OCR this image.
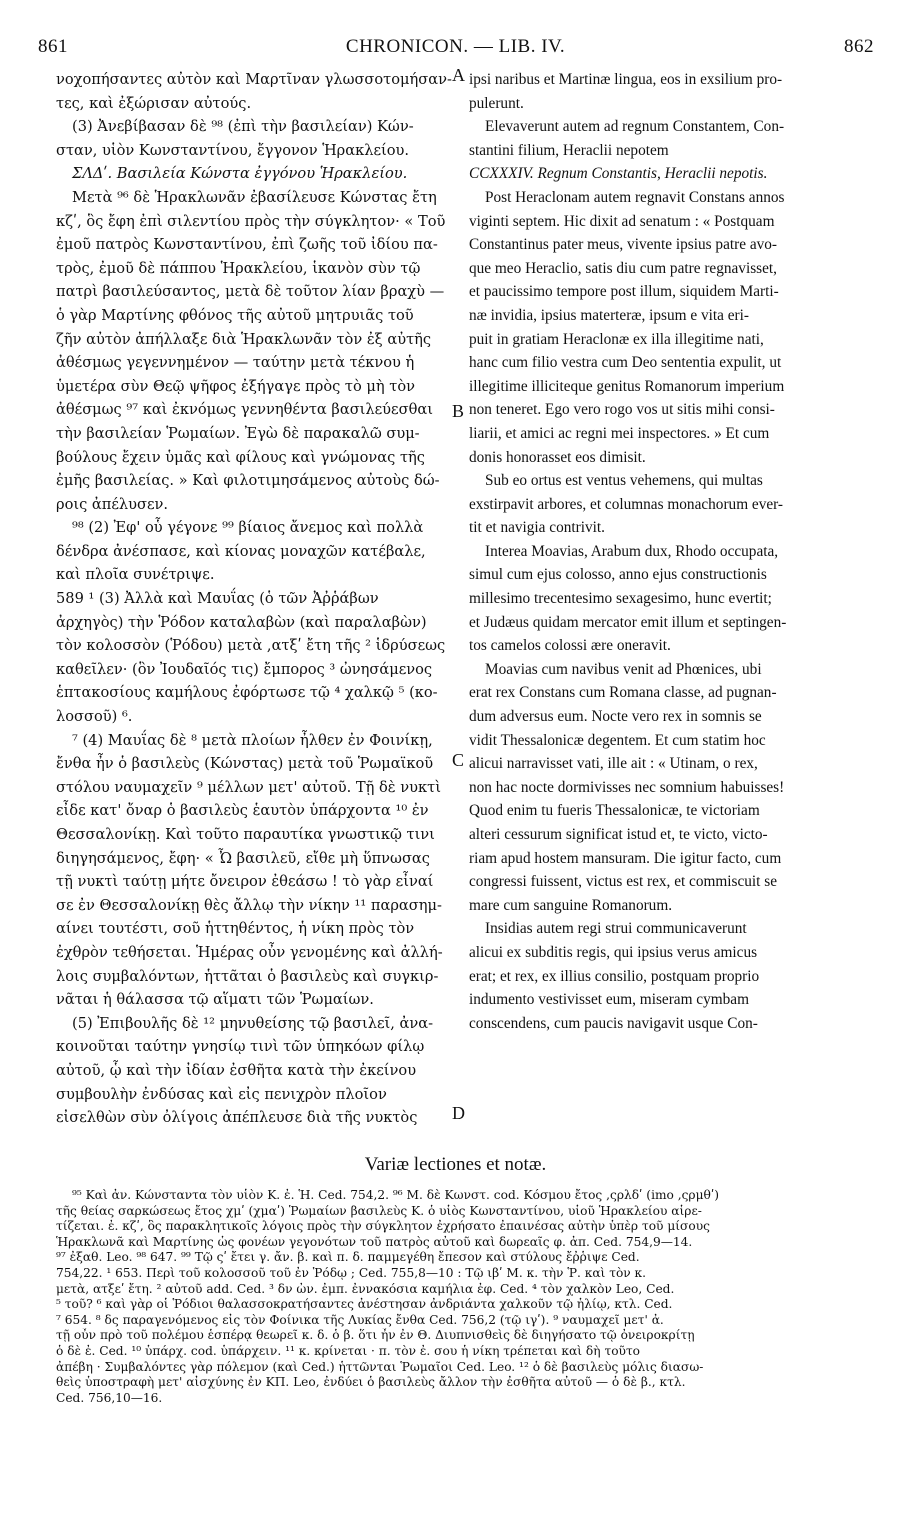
861	CHRONICON. — LIB. IV.	862
A
B
C
D
νοχοπήσαντες αὐτὸν καὶ Μαρτῖναν γλωσσοτομήσαν-
τες, καὶ ἐξώρισαν αὐτούς.
(3) Ἀνεβίβασαν δὲ ⁹⁸ (ἐπὶ τὴν βασιλείαν) Κών-
σταν, υἱὸν Κωνσταντίνου, ἔγγονον Ἡρακλείου.
ΣΛΔʹ. Βασιλεία Κώνστα ἐγγόνου Ἡρακλείου.
Μετὰ ⁹⁶ δὲ Ἡρακλωνᾶν ἐβασίλευσε Κώνστας ἔτη
κζʹ, ὃς ἔφη ἐπὶ σιλεντίου πρὸς τὴν σύγκλητον· « Τοῦ
ἐμοῦ πατρὸς Κωνσταντίνου, ἐπὶ ζωῆς τοῦ ἰδίου πα-
τρὸς, ἐμοῦ δὲ πάππου Ἡρακλείου, ἱκανὸν σὺν τῷ
πατρὶ βασιλεύσαντος, μετὰ δὲ τοῦτον λίαν βραχὺ —
ὁ γὰρ Μαρτίνης φθόνος τῆς αὐτοῦ μητρυιᾶς τοῦ
ζῆν αὐτὸν ἀπήλλαξε διὰ Ἡρακλωνᾶν τὸν ἐξ αὐτῆς
ἀθέσμως γεγεννημένον — ταύτην μετὰ τέκνου ἡ
ὑμετέρα σὺν Θεῷ ψῆφος ἐξήγαγε πρὸς τὸ μὴ τὸν
ἀθέσμως ⁹⁷ καὶ ἐκνόμως γεννηθέντα βασιλεύεσθαι
τὴν βασιλείαν Ῥωμαίων. Ἐγὼ δὲ παρακαλῶ συμ-
βούλους ἔχειν ὑμᾶς καὶ φίλους καὶ γνώμονας τῆς
ἐμῆς βασιλείας. » Καὶ φιλοτιμησάμενος αὐτοὺς δώ-
ροις ἀπέλυσεν.
⁹⁸ (2) Ἐφ' οὗ γέγονε ⁹⁹ βίαιος ἄνεμος καὶ πολλὰ
δένδρα ἀνέσπασε, καὶ κίονας μοναχῶν κατέβαλε,
καὶ πλοῖα συνέτριψε.
589 ¹ (3) Ἀλλὰ καὶ Μαυΐας (ὁ τῶν Ἀῤῥάβων
ἀρχηγὸς) τὴν Ῥόδον καταλαβὼν (καὶ παραλαβὼν)
τὸν κολοσσὸν (Ῥόδου) μετὰ ,ατξʹ ἔτη τῆς ² ἱδρύσεως
καθεῖλεν· (ὃν Ἰουδαῖός τις) ἔμπορος ³ ὠνησάμενος
ἑπτακοσίους καμήλους ἐφόρτωσε τῷ ⁴ χαλκῷ ⁵ (κο-
λοσσοῦ) ⁶.
⁷ (4) Μαυΐας δὲ ⁸ μετὰ πλοίων ἦλθεν ἐν Φοινίκῃ,
ἔνθα ἦν ὁ βασιλεὺς (Κώνστας) μετὰ τοῦ Ῥωμαϊκοῦ
στόλου ναυμαχεῖν ⁹ μέλλων μετ' αὐτοῦ. Τῇ δὲ νυκτὶ
εἶδε κατ' ὄναρ ὁ βασιλεὺς ἑαυτὸν ὑπάρχοντα ¹⁰ ἐν
Θεσσαλονίκῃ. Καὶ τοῦτο παραυτίκα γνωστικῷ τινι
διηγησάμενος, ἔφη· « Ὦ βασιλεῦ, εἴθε μὴ ὕπνωσας
τῇ νυκτὶ ταύτῃ μήτε ὄνειρον ἐθεάσω ! τὸ γὰρ εἶναί
σε ἐν Θεσσαλονίκῃ θὲς ἄλλῳ τὴν νίκην ¹¹ παρασημ-
αίνει τουτέστι, σοῦ ἡττηθέντος, ἡ νίκη πρὸς τὸν
ἐχθρὸν τεθήσεται. Ἡμέρας οὖν γενομένης καὶ ἀλλή-
λοις συμβαλόντων, ἡττᾶται ὁ βασιλεὺς καὶ συγκιρ-
νᾶται ἡ θάλασσα τῷ αἵματι τῶν Ῥωμαίων.
(5) Ἐπιβουλῆς δὲ ¹² μηνυθείσης τῷ βασιλεῖ, ἀνα-
κοινοῦται ταύτην γνησίῳ τινὶ τῶν ὑπηκόων φίλῳ
αὐτοῦ, ᾧ καὶ τὴν ἰδίαν ἐσθῆτα κατὰ τὴν ἐκείνου
συμβουλὴν ἐνδύσας καὶ εἰς πενιχρὸν πλοῖον
εἰσελθὼν σὺν ὀλίγοις ἀπέπλευσε διὰ τῆς νυκτὸς
ipsi naribus et Martinæ lingua, eos in exsilium pro-
pulerunt.
Elevaverunt autem ad regnum Constantem, Con-
stantini filium, Heraclii nepotem
CCXXXIV. Regnum Constantis, Heraclii nepotis.
Post Heraclonam autem regnavit Constans annos
viginti septem. Hic dixit ad senatum : « Postquam
Constantinus pater meus, vivente ipsius patre avo-
que meo Heraclio, satis diu cum patre regnavisset,
et paucissimo tempore post illum, siquidem Marti-
næ invidia, ipsius materteræ, ipsum e vita eri-
puit in gratiam Heraclonæ ex illa illegitime nati,
hanc cum filio vestra cum Deo sententia expulit, ut
illegitime illiciteque genitus Romanorum imperium
non teneret. Ego vero rogo vos ut sitis mihi consi-
liarii, et amici ac regni mei inspectores. » Et cum
donis honorasset eos dimisit.
Sub eo ortus est ventus vehemens, qui multas
exstirpavit arbores, et columnas monachorum ever-
tit et navigia contrivit.
Interea Moavias, Arabum dux, Rhodo occupata,
simul cum ejus colosso, anno ejus constructionis
millesimo trecentesimo sexagesimo, hunc evertit;
et Judæus quidam mercator emit illum et septingen-
tos camelos colossi ære oneravit.
Moavias cum navibus venit ad Phœnices, ubi
erat rex Constans cum Romana classe, ad pugnan-
dum adversus eum. Nocte vero rex in somnis se
vidit Thessalonicæ degentem. Et cum statim hoc
alicui narravisset vati, ille ait : « Utinam, o rex,
non hac nocte dormivisses nec somnium habuisses!
Quod enim tu fueris Thessalonicæ, te victoriam
alteri cessurum significat istud et, te victo, victo-
riam apud hostem mansuram. Die igitur facto, cum
congressi fuissent, victus est rex, et commiscuit se
mare cum sanguine Romanorum.
Insidias autem regi strui communicaverunt
alicui ex subditis regis, qui ipsius verus amicus
erat; et rex, ex illius consilio, postquam proprio
indumento vestivisset eum, miseram cymbam
conscendens, cum paucis navigavit usque Con-
Variæ lectiones et notæ.
⁹⁵ Καὶ ἀν. Κώνσταντα τὸν υἱὸν Κ. ἐ. Ἡ. Ced. 754,2. ⁹⁶ Μ. δὲ Κωνστ. cod. Κόσμου ἔτος ,ςρλδʹ (imo ,ςρμθʹ)
τῆς θείας σαρκώσεως ἔτος χμʹ (χμαʹ) Ῥωμαίων βασιλεὺς Κ. ὁ υἱὸς Κωνσταντίνου, υἱοῦ Ἡρακλείου αἱρε-
τίζεται. ἐ. κζʹ, ὃς παρακλητικοῖς λόγοις πρὸς τὴν σύγκλητον ἐχρήσατο ἐπαινέσας αὐτὴν ὑπὲρ τοῦ μίσους
Ἡρακλωνᾶ καὶ Μαρτίνης ὡς φονέων γεγονότων τοῦ πατρὸς αὐτοῦ καὶ δωρεαῖς φ. ἀπ. Ced. 754,9—14.
⁹⁷ ἐξαθ. Leo. ⁹⁸ 647. ⁹⁹ Τῷ ςʹ ἔτει γ. ἄν. β. καὶ π. δ. παμμεγέθη ἔπεσον καὶ στύλους ἔῤῥιψε Ced.
754,22. ¹ 653. Περὶ τοῦ κολοσσοῦ τοῦ ἐν Ῥόδῳ ; Ced. 755,8—10 : Τῷ ιβʹ Μ. κ. τὴν Ῥ. καὶ τὸν κ.
μετὰ, ατξεʹ ἔτη. ² αὐτοῦ add. Ced. ³ δν ὠν. ἐμπ. ἐννακόσια καμήλια ἐφ. Ced. ⁴ τὸν χαλκὸν Leo, Ced.
⁵ τοῦ? ⁶ καὶ γὰρ οἱ Ῥόδιοι θαλασσοκρατήσαντες ἀνέστησαν ἀνδριάντα χαλκοῦν τῷ ἡλίῳ, κτλ. Ced.
⁷ 654. ⁸ δς παραγενόμενος εἰς τὸν Φοίνικα τῆς Λυκίας ἔνθα Ced. 756,2 (τῷ ιγʹ). ⁹ ναυμαχεῖ μετ' ἀ.
τῇ οὖν πρὸ τοῦ πολέμου ἑσπέρᾳ θεωρεῖ κ. δ. ὁ β. ὅτι ἦν ἐν Θ. Διυπνισθεὶς δὲ διηγήσατο τῷ ὀνειροκρίτῃ
ὁ δὲ ἐ. Ced. ¹⁰ ὑπάρχ. cod. ὑπάρχειν. ¹¹ κ. κρίνεται · π. τὸν ἐ. σου ἡ νίκη τρέπεται καὶ δὴ τοῦτο
ἀπέβη · Συμβαλόντες γὰρ πόλεμον (καὶ Ced.) ἡττῶνται Ῥωμαῖοι Ced. Leo. ¹² ὁ δὲ βασιλεὺς μόλις διασω-
θεὶς ὑποστραφὴ μετ' αἰσχύνης ἐν ΚΠ. Leo, ἐνδύει ὁ βασιλεὺς ἄλλον τὴν ἐσθῆτα αὐτοῦ — ὁ δὲ β., κτλ.
Ced. 756,10—16.
